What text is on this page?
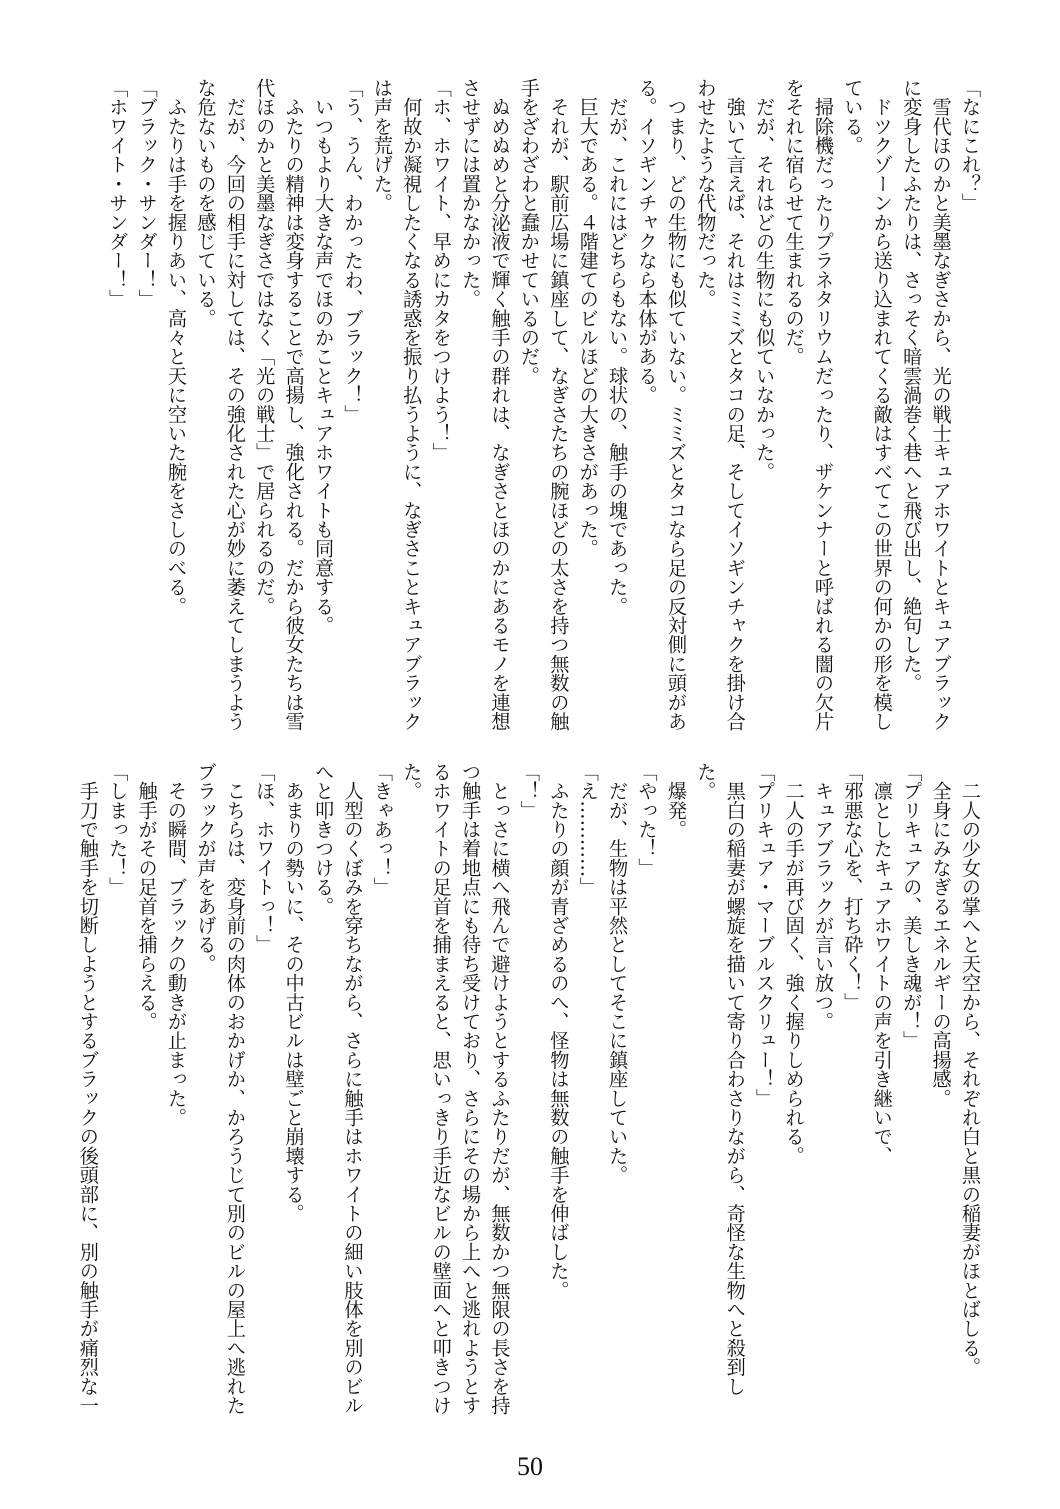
「なにこれ？」
　雪代ほのかと美墨なぎさから、光の戦士キュアホワイトとキュアブラック
に変身したふたりは、さっそく暗雲渦巻く巷へと飛び出し、絶句した。
　ドツクゾーンから送り込まれてくる敵はすべてこの世界の何かの形を模し
ている。
　掃除機だったりプラネタリウムだったり、ザケンナーと呼ばれる闇の欠片
をそれに宿らせて生まれるのだ。
　だが、それはどの生物にも似ていなかった。
　強いて言えば、それはミミズとタコの足、そしてイソギンチャクを掛け合
わせたような代物だった。
　つまり、どの生物にも似ていない。ミミズとタコなら足の反対側に頭があ
る。イソギンチャクなら本体がある。
　だが、これにはどちらもない。球状の、触手の塊であった。
　巨大である。４階建てのビルほどの大きさがあった。
　それが、駅前広場に鎮座して、なぎさたちの腕ほどの太さを持つ無数の触
手をざわざわと蠢かせているのだ。
　ぬめぬめと分泌液で輝く触手の群れは、なぎさとほのかにあるモノを連想
させずには置かなかった。
「ホ、ホワイト、早めにカタをつけよう！」
　何故か凝視したくなる誘惑を振り払うように、なぎさことキュアブラック
は声を荒げた。
「う、うん、わかったわ、ブラック！」
　いつもより大きな声でほのかことキュアホワイトも同意する。
　ふたりの精神は変身することで高揚し、強化される。だから彼女たちは雪
代ほのかと美墨なぎさではなく「光の戦士」で居られるのだ。
　だが、今回の相手に対しては、その強化された心が妙に萎えてしまうよう
な危ないものを感じている。
　ふたりは手を握りあい、高々と天に空いた腕をさしのべる。
「ブラック・サンダー！」
「ホワイト・サンダー！」
　二人の少女の掌へと天空から、それぞれ白と黒の稲妻がほとばしる。
　全身にみなぎるエネルギーの高揚感。
「プリキュアの、美しき魂が！」
　凛としたキュアホワイトの声を引き継いで、
「邪悪な心を、打ち砕く！」
　キュアブラックが言い放つ。
　二人の手が再び固く、強く握りしめられる。
「プリキュア・マーブルスクリュー！」
　黒白の稲妻が螺旋を描いて寄り合わさりながら、奇怪な生物へと殺到し
た。
　爆発。
「やった！」
　だが、生物は平然としてそこに鎮座していた。
「え…………」
　ふたりの顔が青ざめるのへ、怪物は無数の触手を伸ばした。
「！」
　とっさに横へ飛んで避けようとするふたりだが、無数かつ無限の長さを持
つ触手は着地点にも待ち受けており、さらにその場から上へと逃れようとす
るホワイトの足首を捕まえると、思いっきり手近なビルの壁面へと叩きつけ
た。
「きゃあっ！」
　人型のくぼみを穿ちながら、さらに触手はホワイトの細い肢体を別のビル
へと叩きつける。
　あまりの勢いに、その中古ビルは壁ごと崩壊する。
「ほ、ホワイトっ！」
　こちらは、変身前の肉体のおかげか、かろうじて別のビルの屋上へ逃れた
ブラックが声をあげる。
　その瞬間、ブラックの動きが止まった。
　触手がその足首を捕らえる。
「しまった！」
　手刀で触手を切断しようとするブラックの後頭部に、別の触手が痛烈な一
50
